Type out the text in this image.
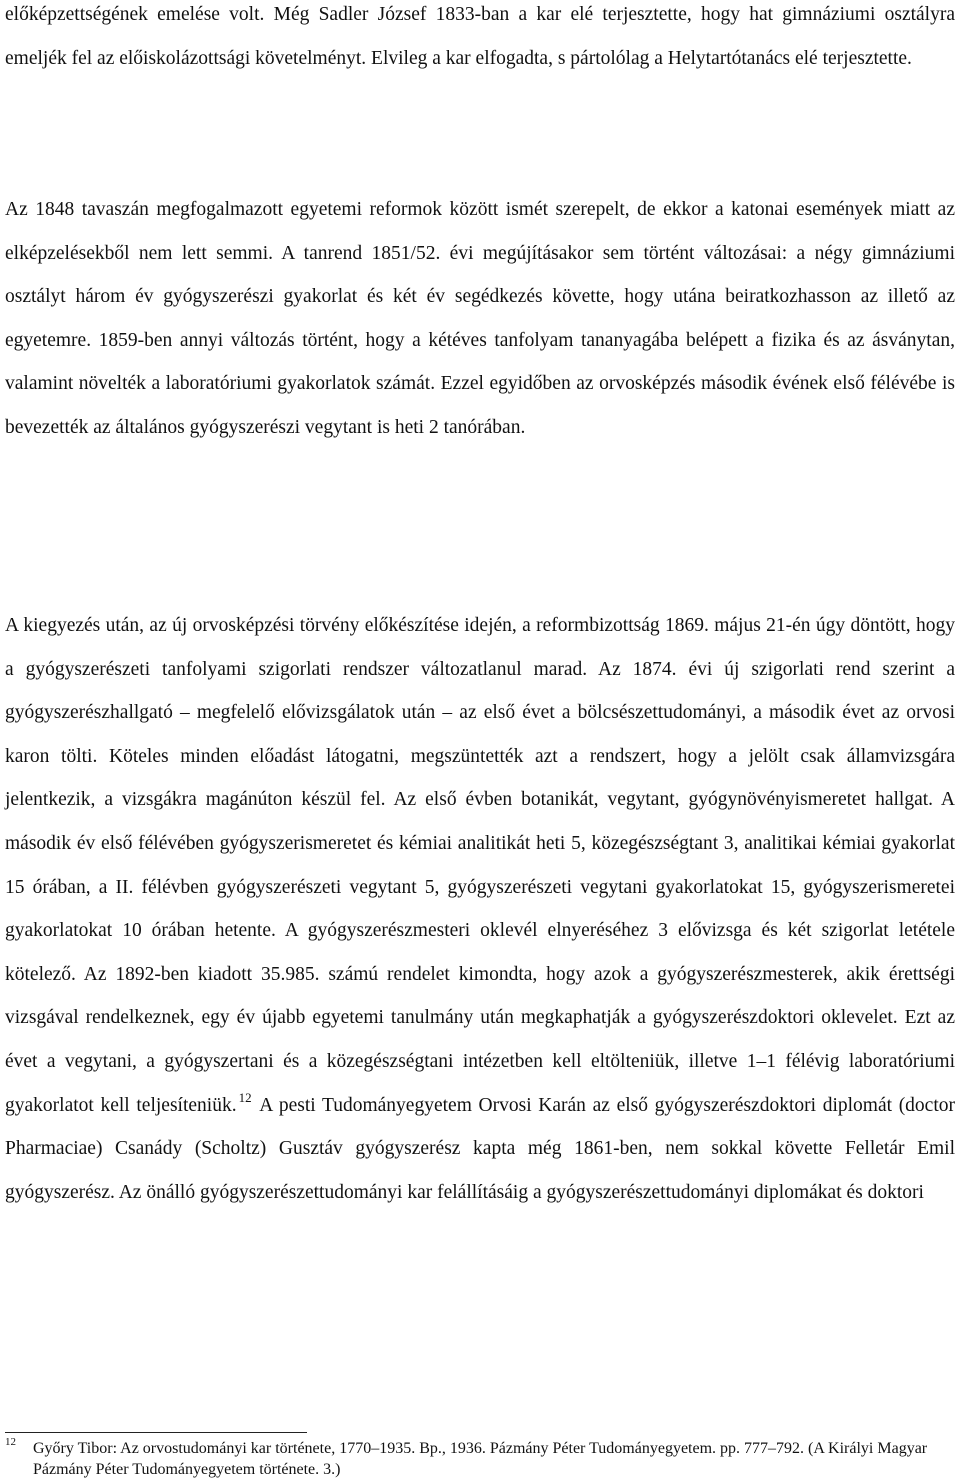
előképzettségének emelése volt. Még Sadler József 1833-ban a kar elé terjesztette, hogy hat gimnáziumi osztályra emeljék fel az előiskolázottsági követelményt. Elvileg a kar elfogadta, s pártolólag a Helytartótanács elé terjesztette.

Az 1848 tavaszán megfogalmazott egyetemi reformok között ismét szerepelt, de ekkor a katonai események miatt az elképzelésekből nem lett semmi. A tanrend 1851/52. évi megújításakor sem történt változásai: a négy gimnáziumi osztályt három év gyógyszerészi gyakorlat és két év segédkezés követte, hogy utána beiratkozhasson az illető az egyetemre. 1859-ben annyi változás történt, hogy a kétéves tanfolyam tananyagába belépett a fizika és az ásványtan, valamint növelték a laboratóriumi gyakorlatok számát. Ezzel egyidőben az orvosképzés második évének első félévébe is bevezették az általános gyógyszerészi vegytant is heti 2 tanórában.

A kiegyezés után, az új orvosképzési törvény előkészítése idején, a reformbizottság 1869. május 21-én úgy döntött, hogy a gyógyszerészeti tanfolyami szigorlati rendszer változatlanul marad. Az 1874. évi új szigorlati rend szerint a gyógyszerészhallgató – megfelelő elővizsgálatok után – az első évet a bölcsészettudományi, a második évet az orvosi karon tölti. Köteles minden előadást látogatni, megszüntették azt a rendszert, hogy a jelölt csak államvizsgára jelentkezik, a vizsgákra magánúton készül fel. Az első évben botanikát, vegytant, gyógynövényismeretet hallgat. A második év első félévében gyógyszerismeretet és kémiai analitikát heti 5, közegészségtant 3, analitikai kémiai gyakorlat 15 órában, a II. félévben gyógyszerészeti vegytant 5, gyógyszerészeti vegytani gyakorlatokat 15, gyógyszerismeretei gyakorlatokat 10 órában hetente. A gyógyszerészmesteri oklevél elnyeréséhez 3 elővizsga és két szigorlat letétele kötelező. Az 1892-ben kiadott 35.985. számú rendelet kimondta, hogy azok a gyógyszerészmesterek, akik érettségi vizsgával rendelkeznek, egy év újabb egyetemi tanulmány után megkaphatják a gyógyszerészdoktori oklevelet. Ezt az évet a vegytani, a gyógyszertani és a közegészségtani intézetben kell eltölteniük, illetve 1–1 félévig laboratóriumi gyakorlatot kell teljesíteniük. $^{12}$ A pesti Tudományegyetem Orvosi Karán az első gyógyszerészdoktori diplomát (doctor Pharmaciae) Csanády (Scholtz) Gusztáv gyógyszerész kapta még 1861-ben, nem sokkal követte Felletár Emil gyógyszerész. Az önálló gyógyszerészettudományi kar felállításáig a gyógyszerészettudományi diplomákat és doktori

12 Győry Tibor: Az orvostudományi kar története, 1770–1935. Bp., 1936. Pázmány Péter Tudományegyetem. pp. 777–792. (A Királyi Magyar Pázmány Péter Tudományegyetem története. 3.)
